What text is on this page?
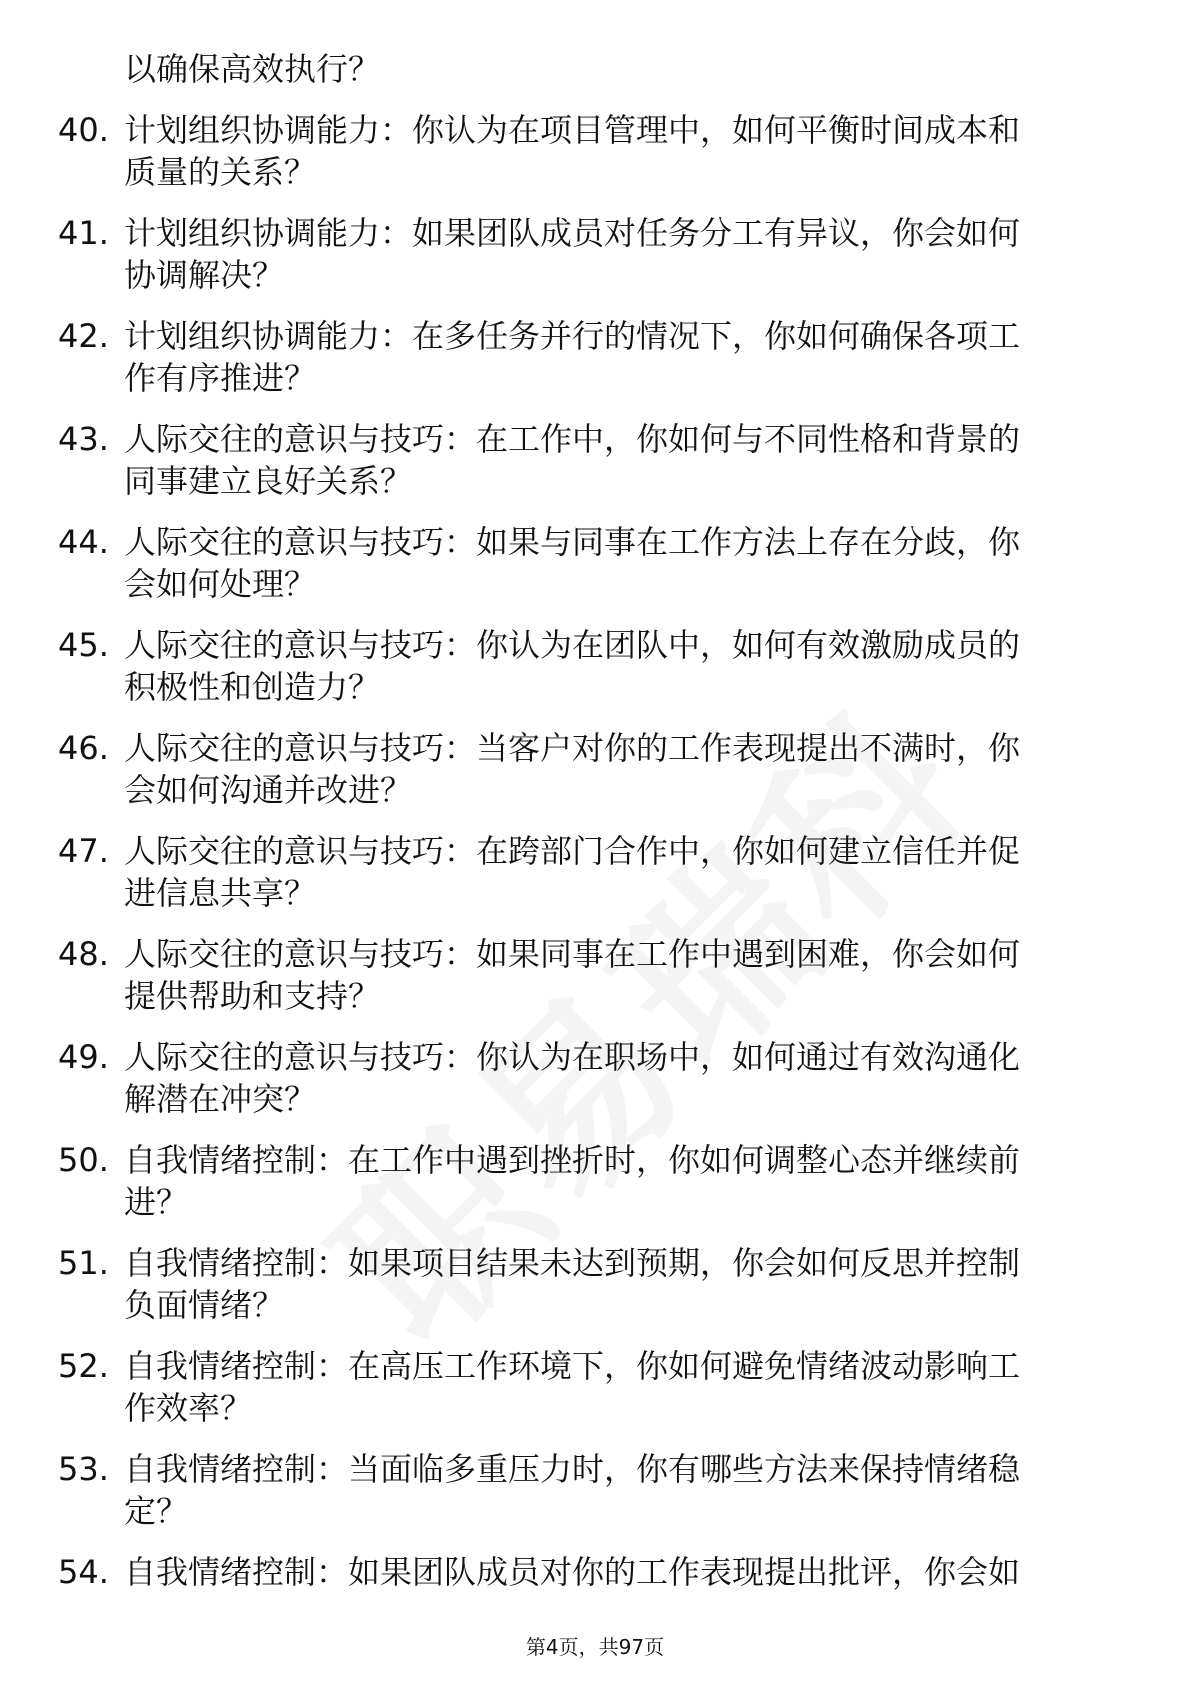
以确保高效执行？
40. 计划组织协调能力：你认为在项目管理中，如何平衡时间成本和
质量的关系？
41. 计划组织协调能力：如果团队成员对任务分工有异议，你会如何
协调解决？
42. 计划组织协调能力：在多任务并行的情况下，你如何确保各项工
作有序推进？
43. 人际交往的意识与技巧：在工作中，你如何与不同性格和背景的
同事建立良好关系？
44. 人际交往的意识与技巧：如果与同事在工作方法上存在分歧，你
会如何处理？
45. 人际交往的意识与技巧：你认为在团队中，如何有效激励成员的
积极性和创造力？
46. 人际交往的意识与技巧：当客户对你的工作表现提出不满时，你
会如何沟通并改进？
47. 人际交往的意识与技巧：在跨部门合作中，你如何建立信任并促
进信息共享？
48. 人际交往的意识与技巧：如果同事在工作中遇到困难，你会如何
提供帮助和支持？
49. 人际交往的意识与技巧：你认为在职场中，如何通过有效沟通化
解潜在冲突？
50. 自我情绪控制：在工作中遇到挫折时，你如何调整心态并继续前
进？
51. 自我情绪控制：如果项目结果未达到预期，你会如何反思并控制
负面情绪？
52. 自我情绪控制：在高压工作环境下，你如何避免情绪波动影响工
作效率？
53. 自我情绪控制：当面临多重压力时，你有哪些方法来保持情绪稳
定？
54. 自我情绪控制：如果团队成员对你的工作表现提出批评，你会如
第4页，共97页
